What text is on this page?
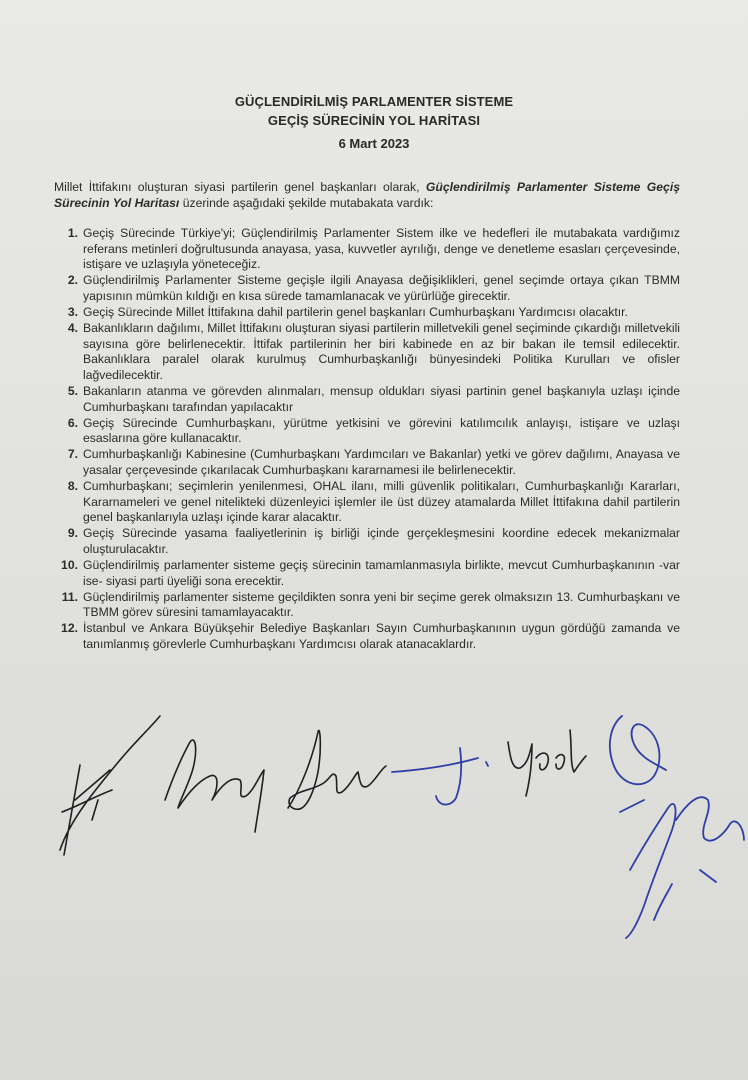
GÜÇLENDİRİLMİŞ PARLAMENTER SİSTEME
GEÇİŞ SÜRECİNİN YOL HARİTASI
6 Mart 2023

Millet İttifakını oluşturan siyasi partilerin genel başkanları olarak, Güçlendirilmiş Parlamenter Sisteme Geçiş Sürecinin Yol Haritası üzerinde aşağıdaki şekilde mutabakata vardık:

1. Geçiş Sürecinde Türkiye'yi; Güçlendirilmiş Parlamenter Sistem ilke ve hedefleri ile mutabakata vardığımız referans metinleri doğrultusunda anayasa, yasa, kuvvetler ayrılığı, denge ve denetleme esasları çerçevesinde, istişare ve uzlaşıyla yöneteceğiz.
2. Güçlendirilmiş Parlamenter Sisteme geçişle ilgili Anayasa değişiklikleri, genel seçimde ortaya çıkan TBMM yapısının mümkün kıldığı en kısa sürede tamamlanacak ve yürürlüğe girecektir.
3. Geçiş Sürecinde Millet İttifakına dahil partilerin genel başkanları Cumhurbaşkanı Yardımcısı olacaktır.
4. Bakanlıkların dağılımı, Millet İttifakını oluşturan siyasi partilerin milletvekili genel seçiminde çıkardığı milletvekili sayısına göre belirlenecektir. İttifak partilerinin her biri kabinede en az bir bakan ile temsil edilecektir. Bakanlıklara paralel olarak kurulmuş Cumhurbaşkanlığı bünyesindeki Politika Kurulları ve ofisler lağvedilecektir.
5. Bakanların atanma ve görevden alınmaları, mensup oldukları siyasi partinin genel başkanıyla uzlaşı içinde Cumhurbaşkanı tarafından yapılacaktır
6. Geçiş Sürecinde Cumhurbaşkanı, yürütme yetkisini ve görevini katılımcılık anlayışı, istişare ve uzlaşı esaslarına göre kullanacaktır.
7. Cumhurbaşkanlığı Kabinesine (Cumhurbaşkanı Yardımcıları ve Bakanlar) yetki ve görev dağılımı, Anayasa ve yasalar çerçevesinde çıkarılacak Cumhurbaşkanı kararnamesi ile belirlenecektir.
8. Cumhurbaşkanı; seçimlerin yenilenmesi, OHAL ilanı, milli güvenlik politikaları, Cumhurbaşkanlığı Kararları, Kararnameleri ve genel nitelikteki düzenleyici işlemler ile üst düzey atamalarda Millet İttifakına dahil partilerin genel başkanlarıyla uzlaşı içinde karar alacaktır.
9. Geçiş Sürecinde yasama faaliyetlerinin iş birliği içinde gerçekleşmesini koordine edecek mekanizmalar oluşturulacaktır.
10. Güçlendirilmiş parlamenter sisteme geçiş sürecinin tamamlanmasıyla birlikte, mevcut Cumhurbaşkanının -var ise- siyasi parti üyeliği sona erecektir.
11. Güçlendirilmiş parlamenter sisteme geçildikten sonra yeni bir seçime gerek olmaksızın 13. Cumhurbaşkanı ve TBMM görev süresini tamamlayacaktır.
12. İstanbul ve Ankara Büyükşehir Belediye Başkanları Sayın Cumhurbaşkanının uygun gördüğü zamanda ve tanımlanmış görevlerle Cumhurbaşkanı Yardımcısı olarak atanacaklardır.
